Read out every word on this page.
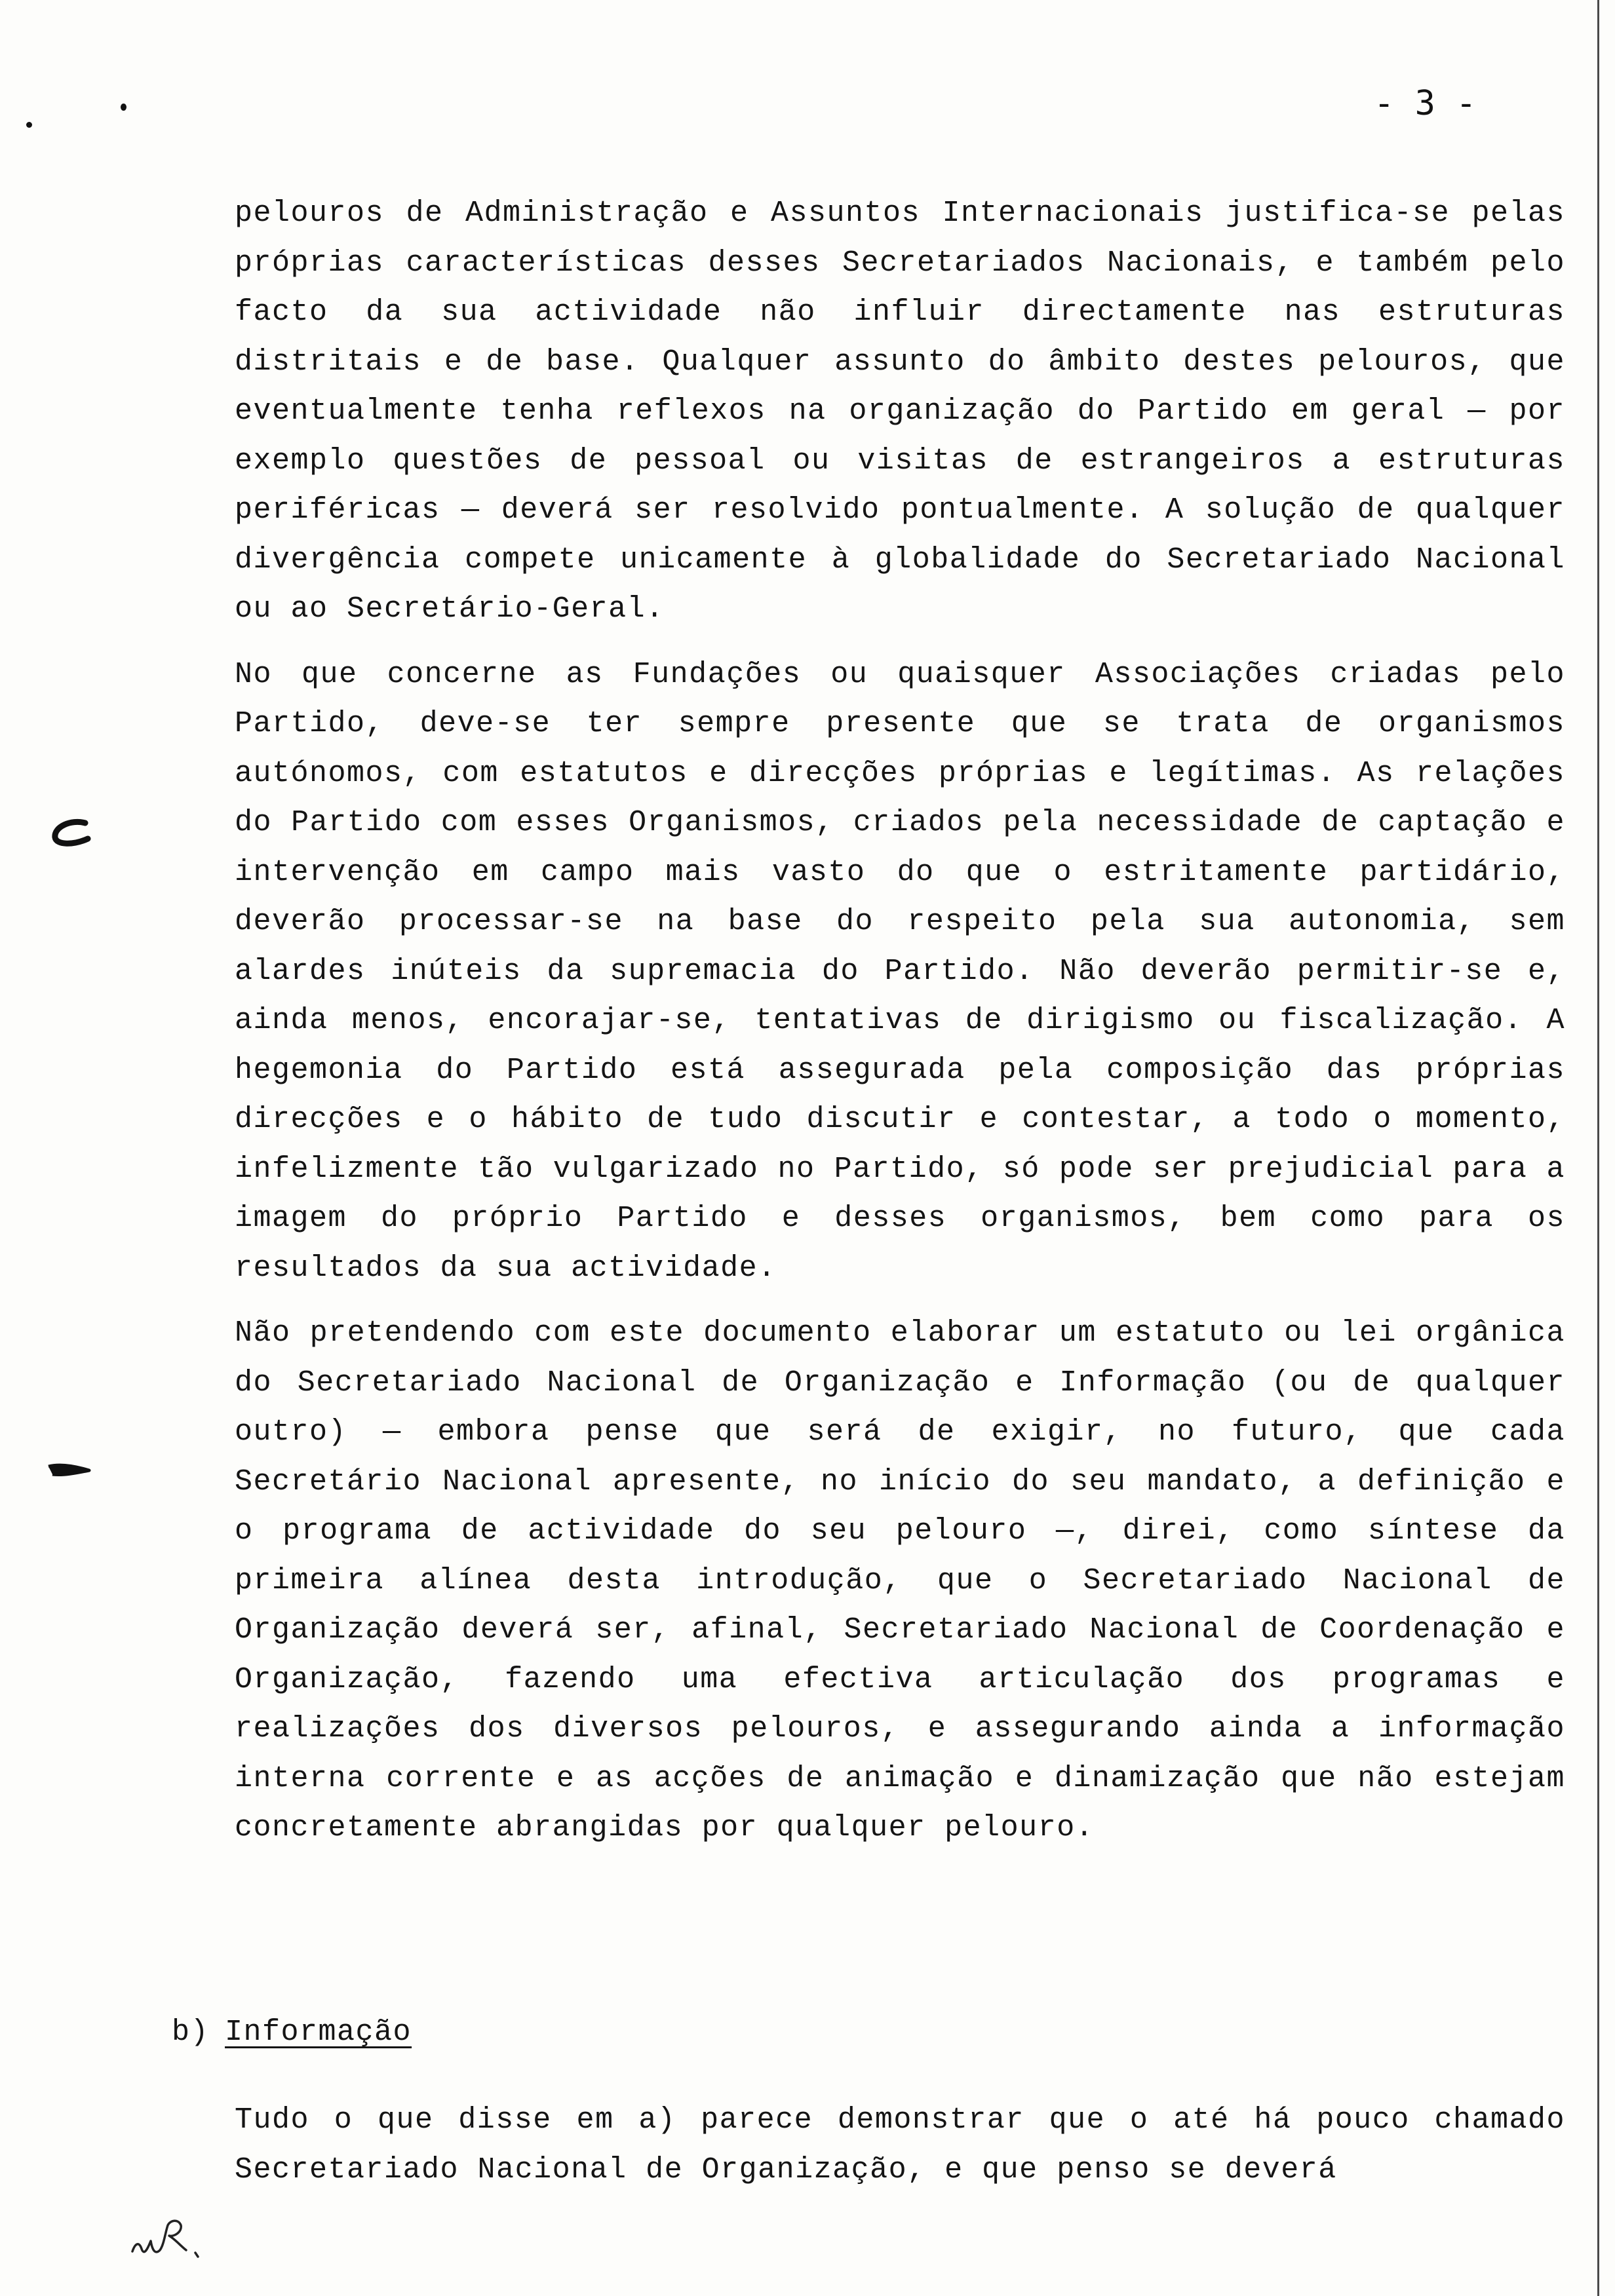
- 3 -

pelouros de Administração e Assuntos Internacionais justifica-se pelas próprias características desses Secretariados Nacionais, e também pelo facto da sua actividade não influir directamente nas estruturas distritais e de base. Qualquer assunto do âmbito destes pelouros, que eventualmente tenha reflexos na organização do Partido em geral — por exemplo questões de pessoal ou visitas de estrangeiros a estruturas periféricas — deverá ser resolvido pontualmente. A solução de qualquer divergência compete unicamente à globalidade do Secretariado Nacional ou ao Secretário-Geral.

No que concerne as Fundações ou quaisquer Associações criadas pelo Partido, deve-se ter sempre presente que se trata de organismos autónomos, com estatutos e direcções próprias e legítimas. As relações do Partido com esses Organismos, criados pela necessidade de captação e intervenção em campo mais vasto do que o estritamente partidário, deverão processar-se na base do respeito pela sua autonomia, sem alardes inúteis da supremacia do Partido. Não deverão permitir-se e, ainda menos, encorajar-se, tentativas de dirigismo ou fiscalização. A hegemonia do Partido está assegurada pela composição das próprias direcções e o hábito de tudo discutir e contestar, a todo o momento, infelizmente tão vulgarizado no Partido, só pode ser prejudicial para a imagem do próprio Partido e desses organismos, bem como para os resultados da sua actividade.

Não pretendendo com este documento elaborar um estatuto ou lei orgânica do Secretariado Nacional de Organização e Informação (ou de qualquer outro) — embora pense que será de exigir, no futuro, que cada Secretário Nacional apresente, no início do seu mandato, a definição e o programa de actividade do seu pelouro —, direi, como síntese da primeira alínea desta introdução, que o Secretariado Nacional de Organização deverá ser, afinal, Secretariado Nacional de Coordenação e Organização, fazendo uma efectiva articulação dos programas e realizações dos diversos pelouros, e assegurando ainda a informação interna corrente e as acções de animação e dinamização que não estejam concretamente abrangidas por qualquer pelouro.

b) Informação

Tudo o que disse em a) parece demonstrar que o até há pouco chamado Secretariado Nacional de Organização, e que penso se deverá
